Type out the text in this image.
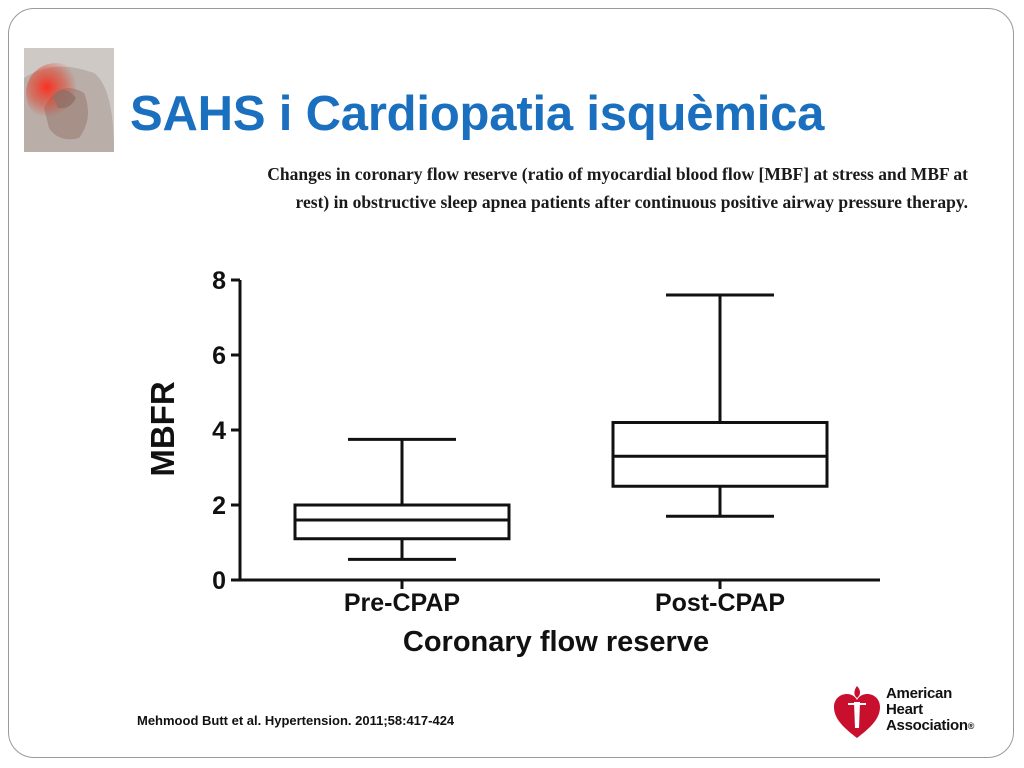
SAHS i Cardiopatia isquèmica

Changes in coronary flow reserve (ratio of myocardial blood flow [MBF] at stress and MBF at
rest) in obstructive sleep apnea patients after continuous positive airway pressure therapy.

0
2
4
6
8
Pre-CPAP	Post-CPAP
Coronary flow reserve
MBFR

Mehmood Butt et al. Hypertension. 2011;58:417-424

American
Heart
Association®
